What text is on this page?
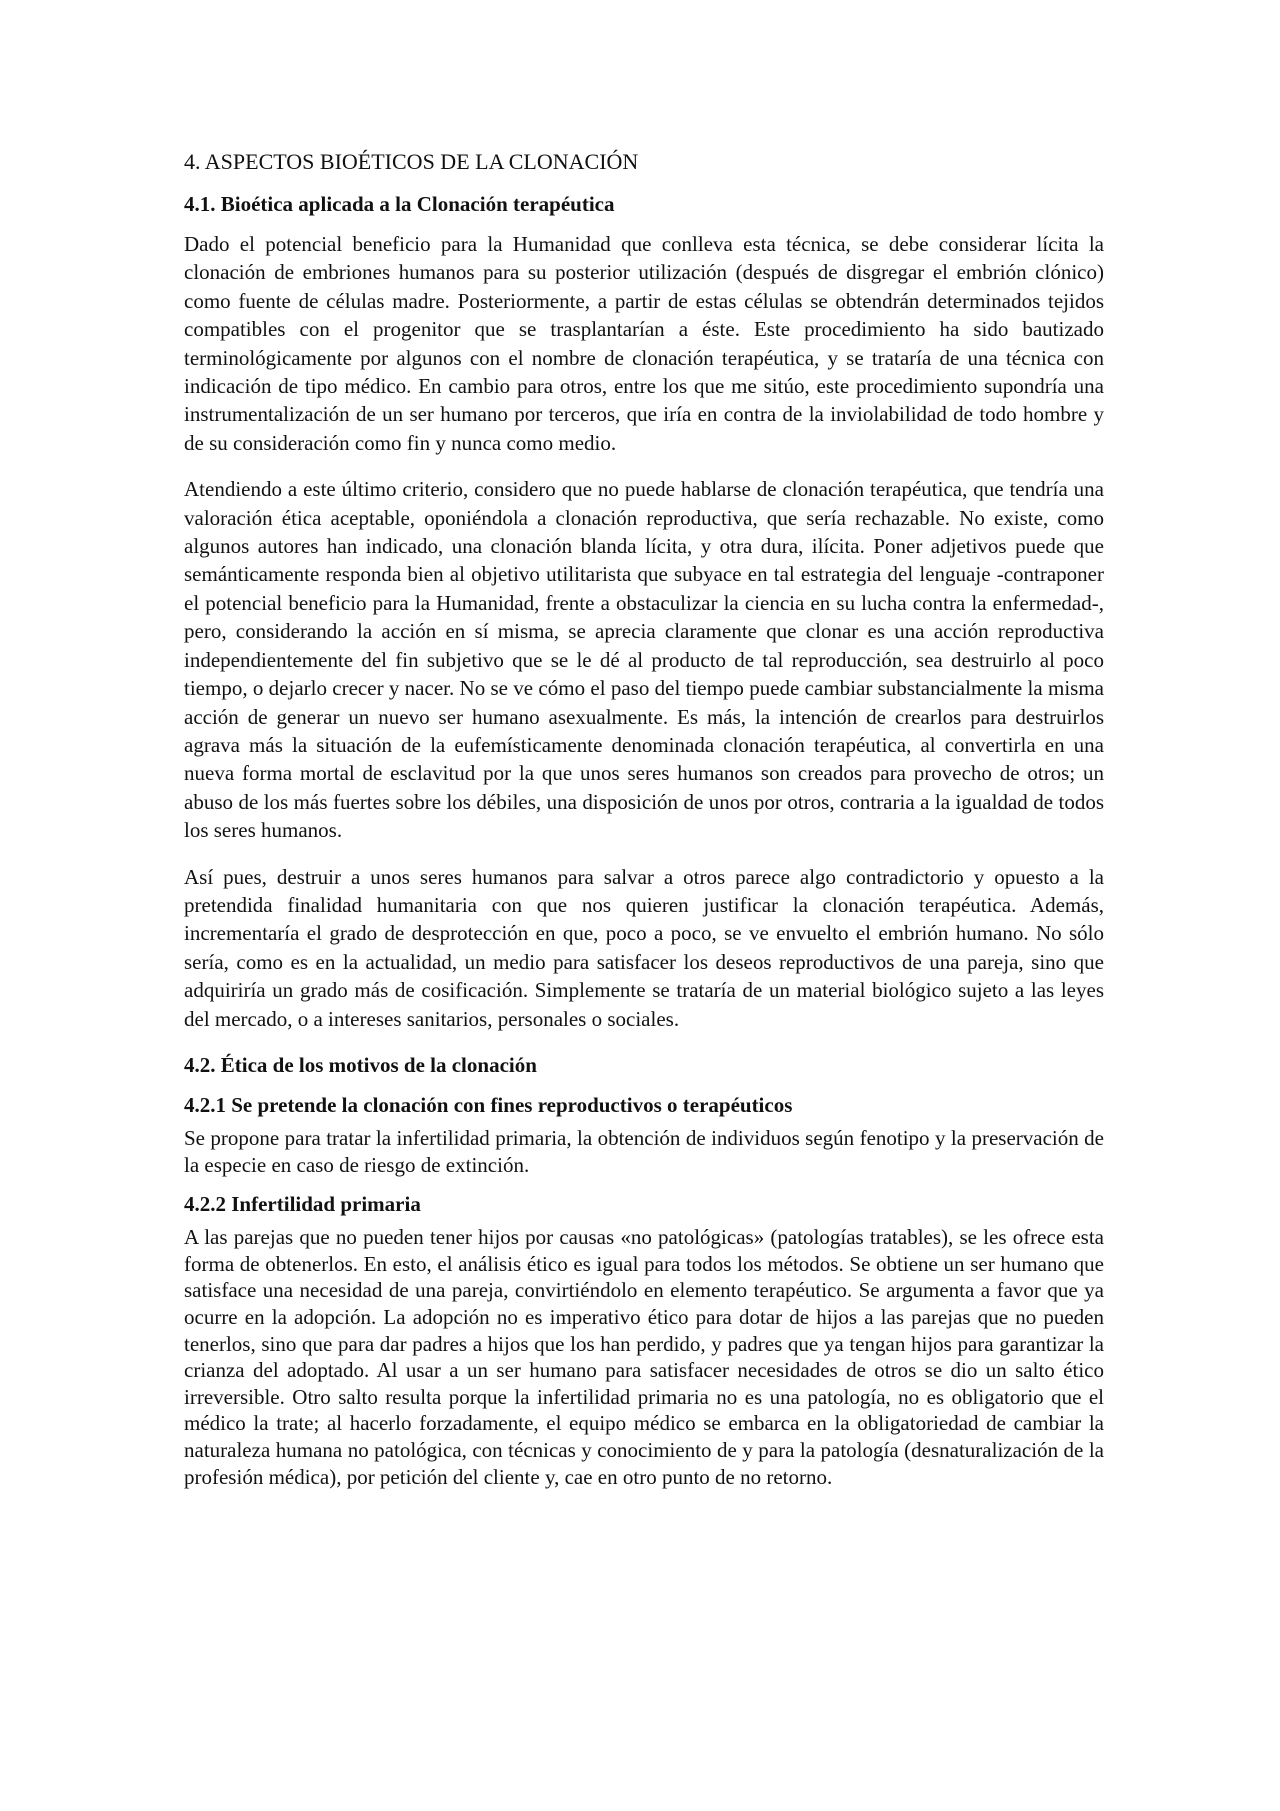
4. ASPECTOS BIOÉTICOS DE LA CLONACIÓN
4.1. Bioética aplicada a la Clonación terapéutica

Dado el potencial beneficio para la Humanidad que conlleva esta técnica, se debe considerar lícita la clonación de embriones humanos para su posterior utilización (después de disgregar el embrión clónico) como fuente de células madre. Posteriormente, a partir de estas células se obtendrán determinados tejidos compatibles con el progenitor que se trasplantarían a éste. Este procedimiento ha sido bautizado terminológicamente por algunos con el nombre de clonación terapéutica, y se trataría de una técnica con indicación de tipo médico. En cambio para otros, entre los que me sitúo, este procedimiento supondría una instrumentalización de un ser humano por terceros, que iría en contra de la inviolabilidad de todo hombre y de su consideración como fin y nunca como medio.

Atendiendo a este último criterio, considero que no puede hablarse de clonación terapéutica, que tendría una valoración ética aceptable, oponiéndola a clonación reproductiva, que sería rechazable. No existe, como algunos autores han indicado, una clonación blanda lícita, y otra dura, ilícita. Poner adjetivos puede que semánticamente responda bien al objetivo utilitarista que subyace en tal estrategia del lenguaje -contraponer el potencial beneficio para la Humanidad, frente a obstaculizar la ciencia en su lucha contra la enfermedad-, pero, considerando la acción en sí misma, se aprecia claramente que clonar es una acción reproductiva independientemente del fin subjetivo que se le dé al producto de tal reproducción, sea destruirlo al poco tiempo, o dejarlo crecer y nacer. No se ve cómo el paso del tiempo puede cambiar substancialmente la misma acción de generar un nuevo ser humano asexualmente. Es más, la intención de crearlos para destruirlos agrava más la situación de la eufemísticamente denominada clonación terapéutica, al convertirla en una nueva forma mortal de esclavitud por la que unos seres humanos son creados para provecho de otros; un abuso de los más fuertes sobre los débiles, una disposición de unos por otros, contraria a la igualdad de todos los seres humanos.

Así pues, destruir a unos seres humanos para salvar a otros parece algo contradictorio y opuesto a la pretendida finalidad humanitaria con que nos quieren justificar la clonación terapéutica. Además, incrementaría el grado de desprotección en que, poco a poco, se ve envuelto el embrión humano. No sólo sería, como es en la actualidad, un medio para satisfacer los deseos reproductivos de una pareja, sino que adquiriría un grado más de cosificación. Simplemente se trataría de un material biológico sujeto a las leyes del mercado, o a intereses sanitarios, personales o sociales.

4.2. Ética de los motivos de la clonación
4.2.1 Se pretende la clonación con fines reproductivos o terapéuticos

Se propone para tratar la infertilidad primaria, la obtención de individuos según fenotipo y la preservación de la especie en caso de riesgo de extinción.

4.2.2 Infertilidad primaria

A las parejas que no pueden tener hijos por causas «no patológicas» (patologías tratables), se les ofrece esta forma de obtenerlos. En esto, el análisis ético es igual para todos los métodos. Se obtiene un ser humano que satisface una necesidad de una pareja, convirtiéndolo en elemento terapéutico. Se argumenta a favor que ya ocurre en la adopción. La adopción no es imperativo ético para dotar de hijos a las parejas que no pueden tenerlos, sino que para dar padres a hijos que los han perdido, y padres que ya tengan hijos para garantizar la crianza del adoptado. Al usar a un ser humano para satisfacer necesidades de otros se dio un salto ético irreversible. Otro salto resulta porque la infertilidad primaria no es una patología, no es obligatorio que el médico la trate; al hacerlo forzadamente, el equipo médico se embarca en la obligatoriedad de cambiar la naturaleza humana no patológica, con técnicas y conocimiento de y para la patología (desnaturalización de la profesión médica), por petición del cliente y, cae en otro punto de no retorno.
